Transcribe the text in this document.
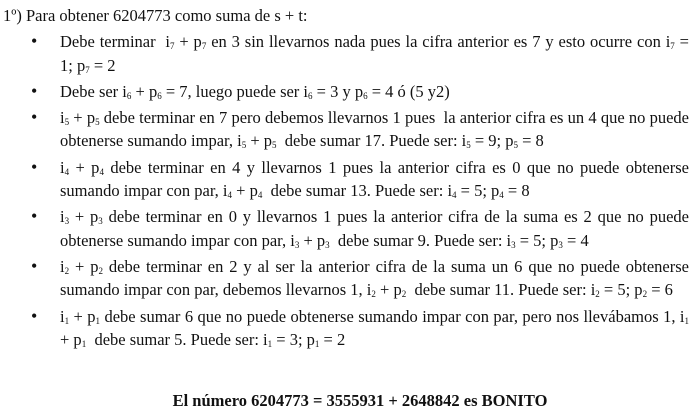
1º) Para obtener 6204773 como suma de s + t:
• Debe terminar  $i_7 + p_7$ en 3 sin llevarnos nada pues la cifra anterior es 7 y esto ocurre con $i_7 = 1$; $p_7 = 2$
• Debe ser $i_6 + p_6 = 7$, luego puede ser $i_6 = 3$ y $p_6 = 4$ ó (5 y2)
• $i_5 + p_5$ debe terminar en 7 pero debemos llevarnos 1 pues  la anterior cifra es un 4 que no puede obtenerse sumando impar, $i_5 + p_5$  debe sumar 17. Puede ser: $i_5 = 9$; $p_5 = 8$
• $i_4 + p_4$ debe terminar en 4 y llevarnos 1 pues la anterior cifra es 0 que no puede obtenerse sumando impar con par, $i_4 + p_4$  debe sumar 13. Puede ser: $i_4 = 5$; $p_4 = 8$
• $i_3 + p_3$ debe terminar en 0 y llevarnos 1 pues la anterior cifra de la suma es 2 que no puede obtenerse sumando impar con par, $i_3 + p_3$  debe sumar 9. Puede ser: $i_3 = 5$; $p_3 = 4$
• $i_2 + p_2$ debe terminar en 2 y al ser la anterior cifra de la suma un 6 que no puede obtenerse sumando impar con par, debemos llevarnos 1, $i_2 + p_2$  debe sumar 11. Puede ser: $i_2 = 5$; $p_2 = 6$
• $i_1 + p_1$ debe sumar 6 que no puede obtenerse sumando impar con par, pero nos llevábamos 1, $i_1 + p_1$  debe sumar 5. Puede ser: $i_1 = 3$; $p_1 = 2$
El número 6204773 = 3555931 + 2648842 es BONITO
